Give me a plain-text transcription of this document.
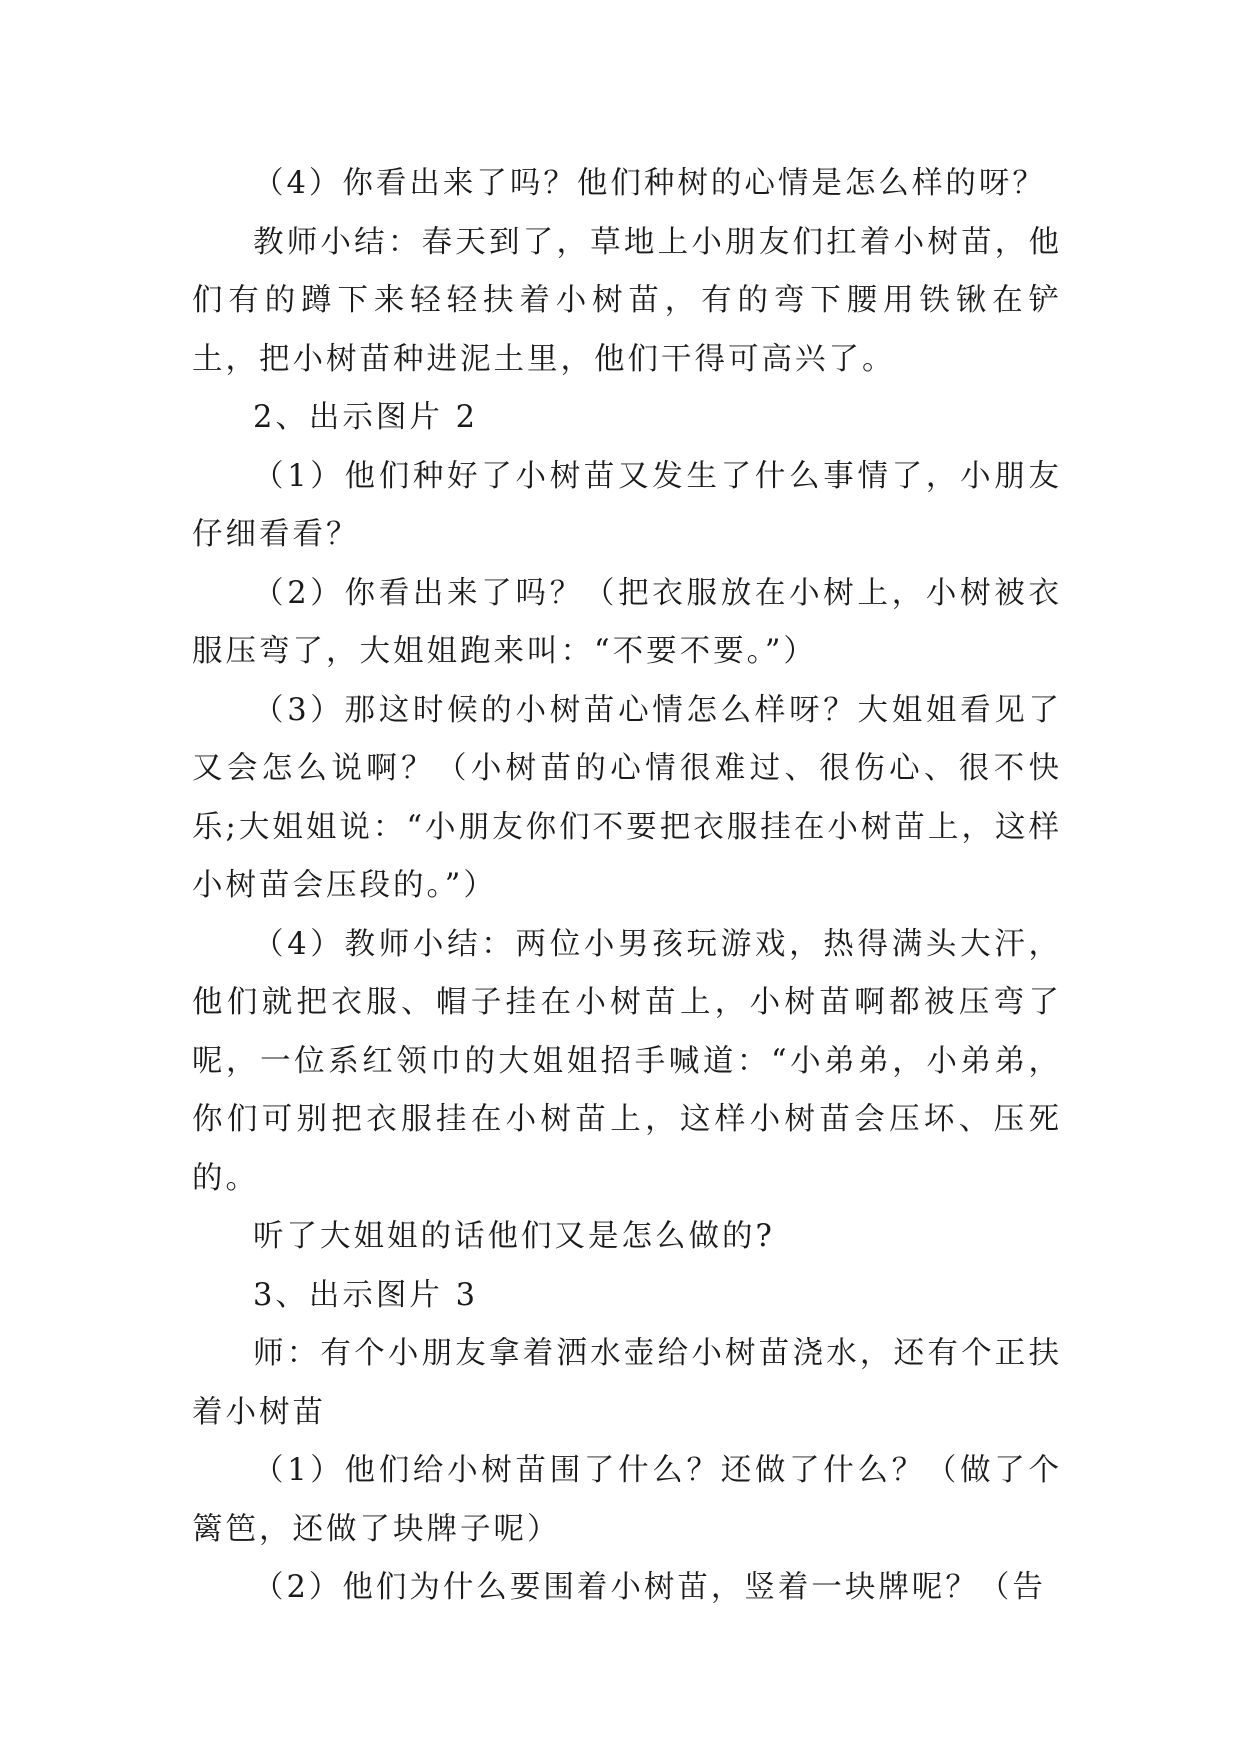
（4）你看出来了吗？他们种树的心情是怎么样的呀？

教师小结：春天到了，草地上小朋友们扛着小树苗，他们有的蹲下来轻轻扶着小树苗，有的弯下腰用铁锹在铲土，把小树苗种进泥土里，他们干得可高兴了。

2、出示图片 2

（1）他们种好了小树苗又发生了什么事情了，小朋友仔细看看？

（2）你看出来了吗？（把衣服放在小树上，小树被衣服压弯了，大姐姐跑来叫：“不要不要。”）

（3）那这时候的小树苗心情怎么样呀？大姐姐看见了又会怎么说啊？（小树苗的心情很难过、很伤心、很不快乐;大姐姐说：“小朋友你们不要把衣服挂在小树苗上，这样小树苗会压段的。”）

（4）教师小结：两位小男孩玩游戏，热得满头大汗，他们就把衣服、帽子挂在小树苗上，小树苗啊都被压弯了呢，一位系红领巾的大姐姐招手喊道：“小弟弟，小弟弟，你们可别把衣服挂在小树苗上，这样小树苗会压坏、压死的。

听了大姐姐的话他们又是怎么做的?

3、出示图片 3

师：有个小朋友拿着洒水壶给小树苗浇水，还有个正扶着小树苗

（1）他们给小树苗围了什么？还做了什么？（做了个篱笆，还做了块牌子呢）

（2）他们为什么要围着小树苗，竖着一块牌呢？（告
